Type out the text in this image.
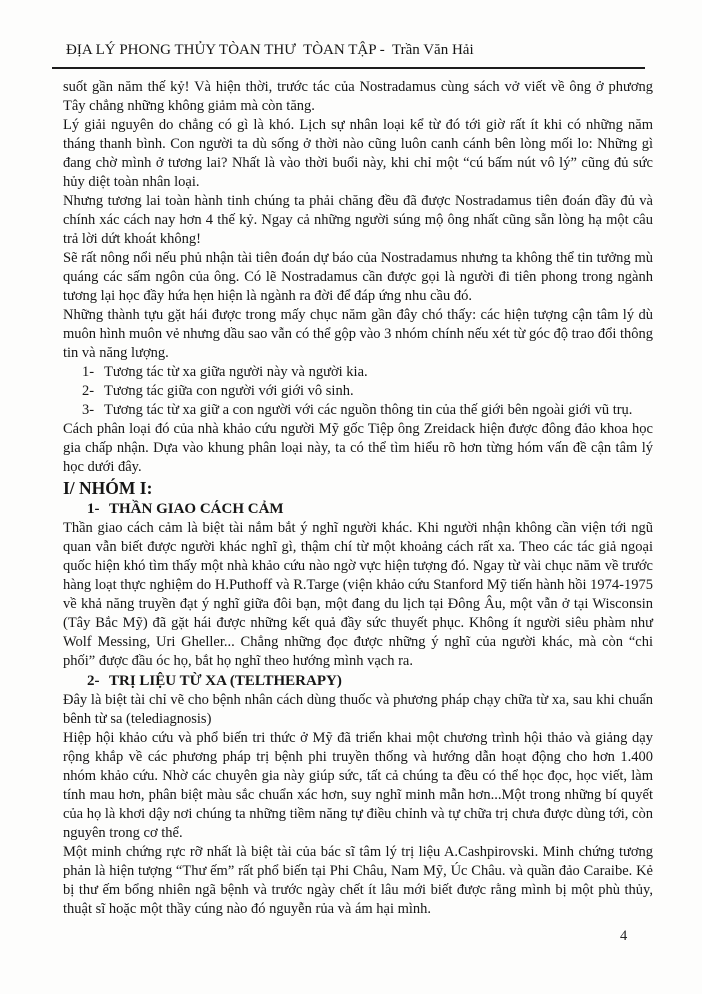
ĐỊA LÝ PHONG THỦY TÒAN THƯ  TÒAN TẬP -  Trần Văn Hải

suốt gần năm thế kỷ! Và hiện thời, trước tác của Nostradamus cùng sách vở viết về ông ở phương Tây chẳng những không giảm mà còn tăng.

Lý giải nguyên do chẳng có gì là khó. Lịch sự nhân loại kể từ đó tới giờ rất ít khi có những năm tháng thanh bình. Con người ta dù sống ở thời nào cũng luôn canh cánh bên lòng mối lo: Những gì đang chờ mình ở tương lai? Nhất là vào thời buổi này, khi chỉ một “cú bấm nút vô lý” cũng đủ sức hủy diệt toàn nhân loại.

Nhưng tương lai toàn hành tinh chúng ta phải chăng đều đã được Nostradamus tiên đoán đầy đủ và chính xác cách nay hơn 4 thế kỷ. Ngay cả những người súng mộ ông nhất cũng sẵn lòng hạ một câu trả lời dứt khoát không!

Sẽ rất nông nổi nếu phủ nhận tài tiên đoán dự báo của Nostradamus nhưng ta không thể tin tưởng mù quáng các sấm ngôn của ông. Có lẽ Nostradamus cần được gọi là người đi tiên phong trong ngành tương lại học đầy hứa hẹn hiện là ngành ra đời để đáp ứng nhu cầu đó.

Những thành tựu gặt hái được trong mấy chục năm gần đây chó thấy: các hiện tượng cận tâm lý dù muôn hình muôn vẻ nhưng dầu sao vẫn có thể gộp vào 3 nhóm chính nếu xét từ góc độ trao đổi thông tin và năng lượng.

1- Tương tác từ xa giữa người này và người kia.
2- Tương tác giữa con người với giới vô sinh.
3- Tương tác từ xa giữ a con người với các nguồn thông tin của thế giới bên ngoài giới vũ trụ.

Cách phân loại đó của nhà khảo cứu người Mỹ gốc Tiệp ông Zreidack hiện được đông đảo khoa học gia chấp nhận. Dựa vào khung phân loại này, ta có thể tìm hiểu rõ hơn từng hóm vấn đề cận tâm lý học dưới đây.

I/ NHÓM I:
1- THẦN GIAO CÁCH CẢM

Thần giao cách cảm là biệt tài nắm bắt ý nghĩ người khác. Khi người nhận không cần viện tới ngũ quan vẫn biết được người khác nghĩ gì, thậm chí từ một khoảng cách rất xa. Theo các tác giả ngoại quốc hiện khó tìm thấy một nhà khảo cứu nào ngờ vực hiện tượng đó. Ngay từ vài chục năm về trước hàng loạt thực nghiệm do H.Puthoff và R.Targe (viện khảo cứu Stanford Mỹ tiến hành hồi 1974-1975 về khả năng truyền đạt ý nghĩ giữa đôi bạn, một đang du lịch tại Đông Âu, một vẫn ở tại Wisconsin (Tây Bắc Mỹ) đã gặt hái được những kết quả đầy sức thuyết phục. Không ít người siêu phàm như Wolf Messing, Uri Gheller... Chẳng những đọc được những ý nghĩ của người khác, mà còn “chi phối” được đầu óc họ, bắt họ nghĩ theo hướng mình vạch ra.

2- TRỊ LIỆU TỪ XA (TELTHERAPY)

Đây là biệt tài chỉ vẽ cho bệnh nhân cách dùng thuốc và phương pháp chạy chữa từ xa, sau khi chuẩn bênh từ sa (telediagnosis)

Hiệp hội khảo cứu và phổ biến tri thức ở Mỹ đã triển khai một chương trình hội thảo và giảng dạy rộng khắp về các phương pháp trị bệnh phi truyền thống và hướng dẫn hoạt động cho hơn 1.400 nhóm khảo cứu. Nhờ các chuyên gia này giúp sức, tất cả chúng ta đều có thể học đọc, học viết, làm tính mau hơn, phân biệt màu sắc chuẩn xác hơn, suy nghĩ minh mẫn hơn...Một trong những bí quyết của họ là khơi dậy nơi chúng ta những tiềm năng tự điều chỉnh và tự chữa trị chưa được dùng tới, còn nguyên trong cơ thể.

Một minh chứng rực rỡ nhất là biệt tài của bác sĩ tâm lý trị liệu A.Cashpirovski. Minh chứng tương phản là hiện tượng “Thư ếm” rất phổ biến tại Phi Châu, Nam Mỹ, Úc Châu. và quần đảo Caraibe. Kẻ bị thư ếm bổng nhiên ngã bệnh và trước ngày chết ít lâu mới biết được rằng mình bị một phù thủy, thuật sĩ hoặc một thầy cúng nào đó nguyễn rủa và ám hại mình.

4
